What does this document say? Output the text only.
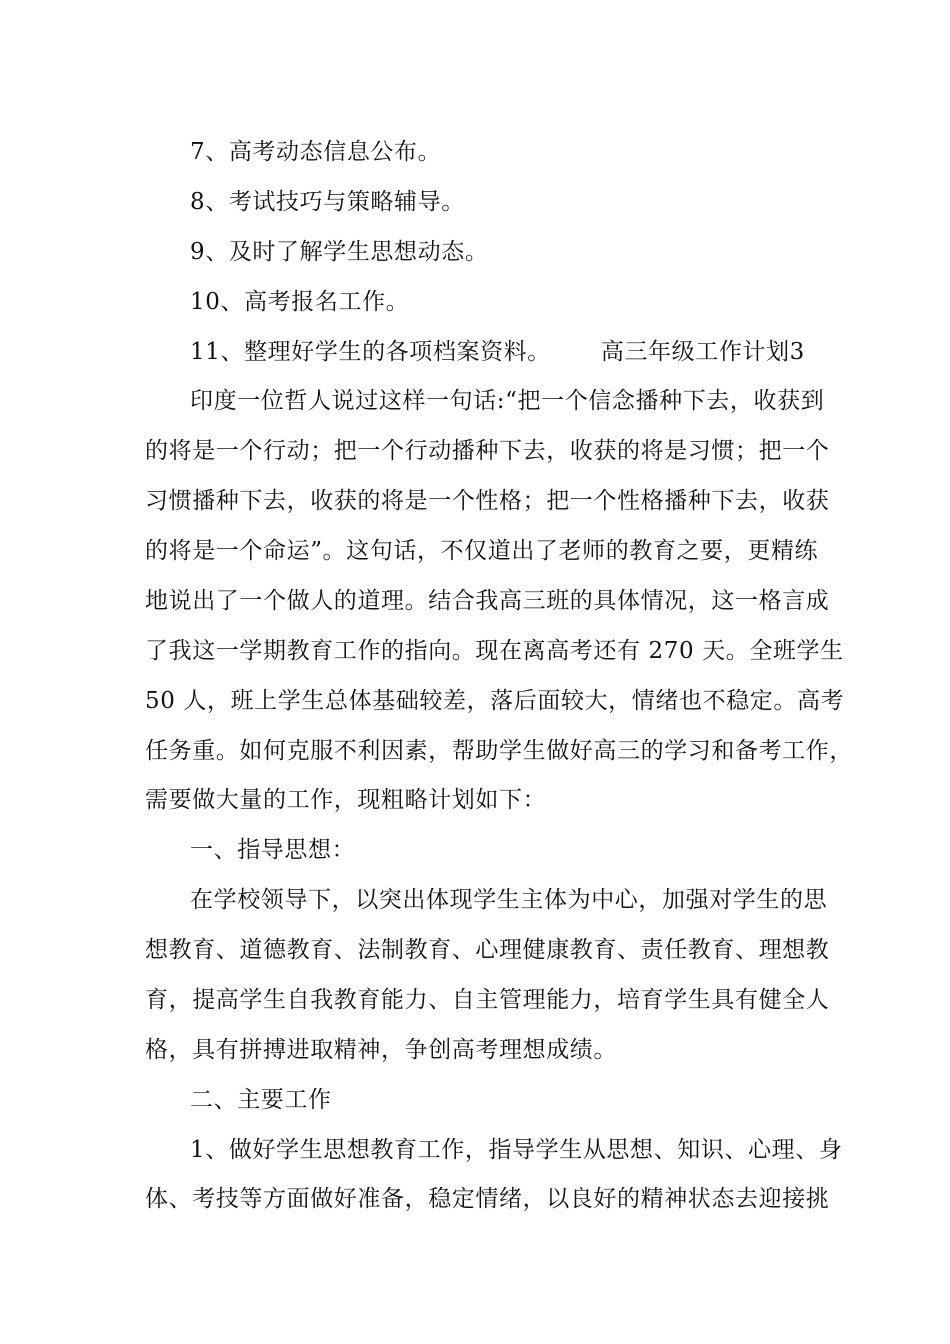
7、高考动态信息公布。
8、考试技巧与策略辅导。
9、及时了解学生思想动态。
10、高考报名工作。
11、整理好学生的各项档案资料。 高三年级工作计划3
印度一位哲人说过这样一句话:“把一个信念播种下去，收获到
的将是一个行动；把一个行动播种下去，收获的将是习惯；把一个
习惯播种下去，收获的将是一个性格；把一个性格播种下去，收获
的将是一个命运”。这句话，不仅道出了老师的教育之要，更精练
地说出了一个做人的道理。结合我高三班的具体情况，这一格言成
了我这一学期教育工作的指向。现在离高考还有 270 天。全班学生
50 人，班上学生总体基础较差，落后面较大，情绪也不稳定。高考
任务重。如何克服不利因素，帮助学生做好高三的学习和备考工作，
需要做大量的工作，现粗略计划如下：
一、指导思想：
在学校领导下，以突出体现学生主体为中心，加强对学生的思
想教育、道德教育、法制教育、心理健康教育、责任教育、理想教
育，提高学生自我教育能力、自主管理能力，培育学生具有健全人
格，具有拼搏进取精神，争创高考理想成绩。
二、主要工作
1、做好学生思想教育工作，指导学生从思想、知识、心理、身
体、考技等方面做好准备，稳定情绪，以良好的精神状态去迎接挑
